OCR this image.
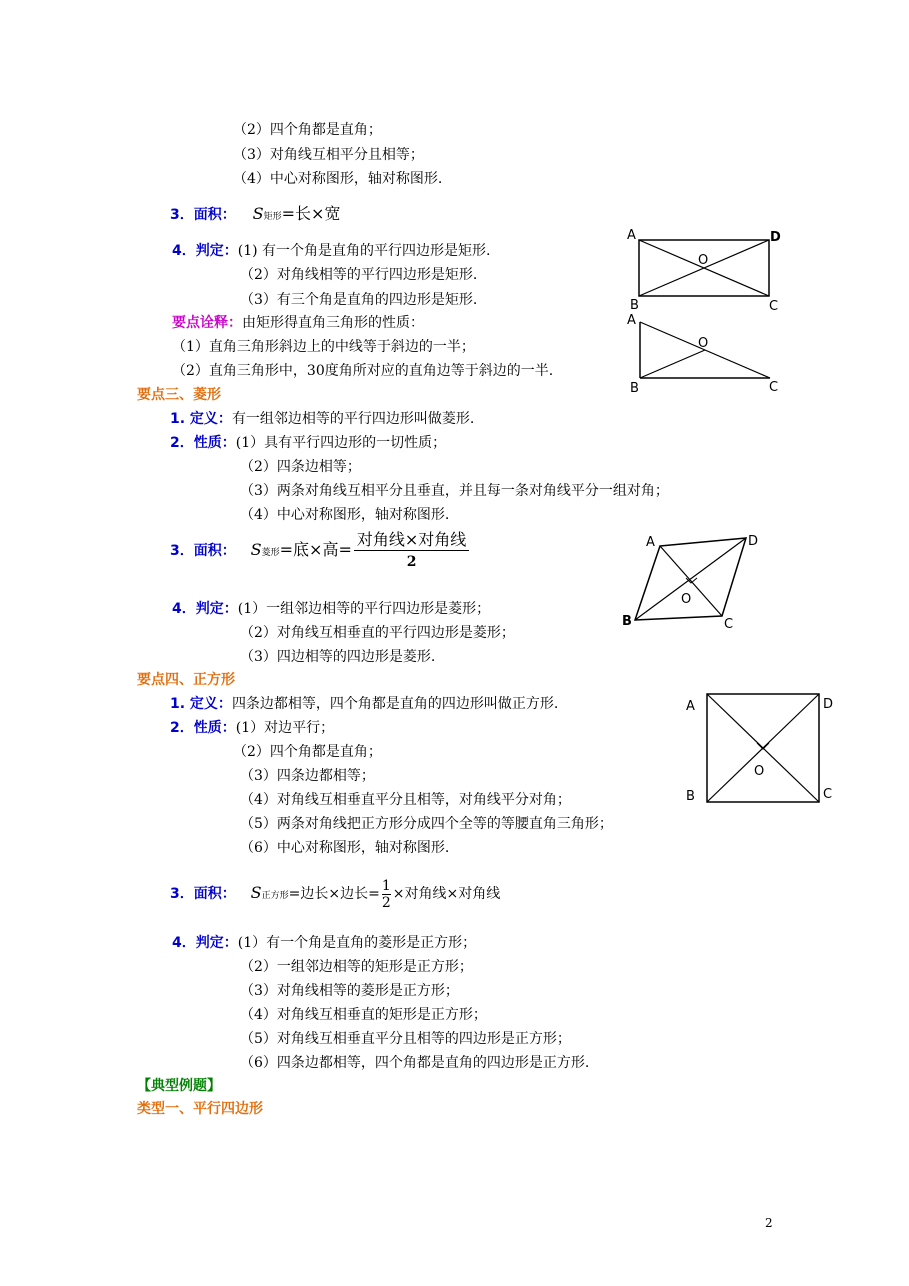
（2）四个角都是直角；
（3）对角线互相平分且相等；
（4）中心对称图形，轴对称图形.
3．面积： S矩形=长×宽
4．判定：(1) 有一个角是直角的平行四边形是矩形.
（2）对角线相等的平行四边形是矩形.
（3）有三个角是直角的四边形是矩形.
要点诠释：由矩形得直角三角形的性质：
（1）直角三角形斜边上的中线等于斜边的一半；
（2）直角三角形中，30度角所对应的直角边等于斜边的一半.
要点三、菱形
1. 定义：有一组邻边相等的平行四边形叫做菱形.
2．性质：(1）具有平行四边形的一切性质；
（2）四条边相等；
（3）两条对角线互相平分且垂直，并且每一条对角线平分一组对角；
（4）中心对称图形，轴对称图形.
3．面积： S菱形=底×高= $\frac{\text{对角线×对角线}}{2}$
4．判定：(1）一组邻边相等的平行四边形是菱形；
（2）对角线互相垂直的平行四边形是菱形；
（3）四边相等的四边形是菱形.
要点四、正方形
1. 定义：四条边都相等，四个角都是直角的四边形叫做正方形.
2．性质：(1）对边平行；
（2）四个角都是直角；
（3）四条边都相等；
（4）对角线互相垂直平分且相等，对角线平分对角；
（5）两条对角线把正方形分成四个全等的等腰直角三角形；
（6）中心对称图形，轴对称图形.
3．面积： S正方形=边长×边长= $\frac{1}{2}$ ×对角线×对角线
4．判定：(1）有一个角是直角的菱形是正方形；
（2）一组邻边相等的矩形是正方形；
（3）对角线相等的菱形是正方形；
（4）对角线互相垂直的矩形是正方形；
（5）对角线互相垂直平分且相等的四边形是正方形；
（6）四条边都相等，四个角都是直角的四边形是正方形.
【典型例题】
类型一、平行四边形
2
A	D
O
B	C
A
O
B	C
A	D
O
B	C
A	D
O
B	C
